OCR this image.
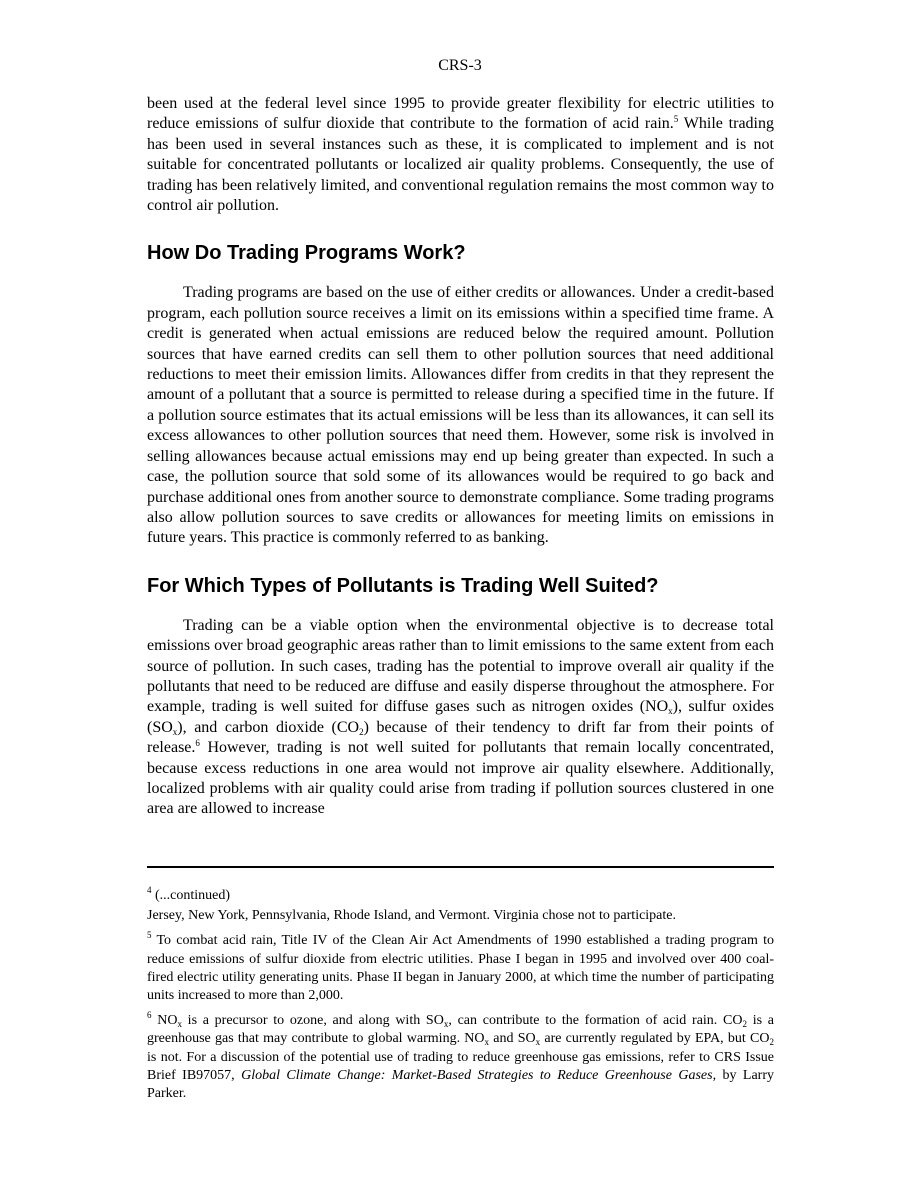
CRS-3

been used at the federal level since 1995 to provide greater flexibility for electric utilities to reduce emissions of sulfur dioxide that contribute to the formation of acid rain.$^5$ While trading has been used in several instances such as these, it is complicated to implement and is not suitable for concentrated pollutants or localized air quality problems. Consequently, the use of trading has been relatively limited, and conventional regulation remains the most common way to control air pollution.

How Do Trading Programs Work?

Trading programs are based on the use of either credits or allowances. Under a credit-based program, each pollution source receives a limit on its emissions within a specified time frame. A credit is generated when actual emissions are reduced below the required amount. Pollution sources that have earned credits can sell them to other pollution sources that need additional reductions to meet their emission limits. Allowances differ from credits in that they represent the amount of a pollutant that a source is permitted to release during a specified time in the future. If a pollution source estimates that its actual emissions will be less than its allowances, it can sell its excess allowances to other pollution sources that need them. However, some risk is involved in selling allowances because actual emissions may end up being greater than expected. In such a case, the pollution source that sold some of its allowances would be required to go back and purchase additional ones from another source to demonstrate compliance. Some trading programs also allow pollution sources to save credits or allowances for meeting limits on emissions in future years. This practice is commonly referred to as banking.

For Which Types of Pollutants is Trading Well Suited?

Trading can be a viable option when the environmental objective is to decrease total emissions over broad geographic areas rather than to limit emissions to the same extent from each source of pollution. In such cases, trading has the potential to improve overall air quality if the pollutants that need to be reduced are diffuse and easily disperse throughout the atmosphere. For example, trading is well suited for diffuse gases such as nitrogen oxides $(NO_x)$, sulfur oxides $(SO_x)$, and carbon dioxide $(CO_2)$ because of their tendency to drift far from their points of release.$^6$ However, trading is not well suited for pollutants that remain locally concentrated, because excess reductions in one area would not improve air quality elsewhere. Additionally, localized problems with air quality could arise from trading if pollution sources clustered in one area are allowed to increase

$^4$ (...continued)
Jersey, New York, Pennsylvania, Rhode Island, and Vermont. Virginia chose not to participate.

$^5$ To combat acid rain, Title IV of the Clean Air Act Amendments of 1990 established a trading program to reduce emissions of sulfur dioxide from electric utilities. Phase I began in 1995 and involved over 400 coal-fired electric utility generating units. Phase II began in January 2000, at which time the number of participating units increased to more than 2,000.

$^6$ $NO_x$ is a precursor to ozone, and along with $SO_x$, can contribute to the formation of acid rain. $CO_2$ is a greenhouse gas that may contribute to global warming. $NO_x$ and $SO_x$ are currently regulated by EPA, but $CO_2$ is not. For a discussion of the potential use of trading to reduce greenhouse gas emissions, refer to CRS Issue Brief IB97057, Global Climate Change: Market-Based Strategies to Reduce Greenhouse Gases, by Larry Parker.
